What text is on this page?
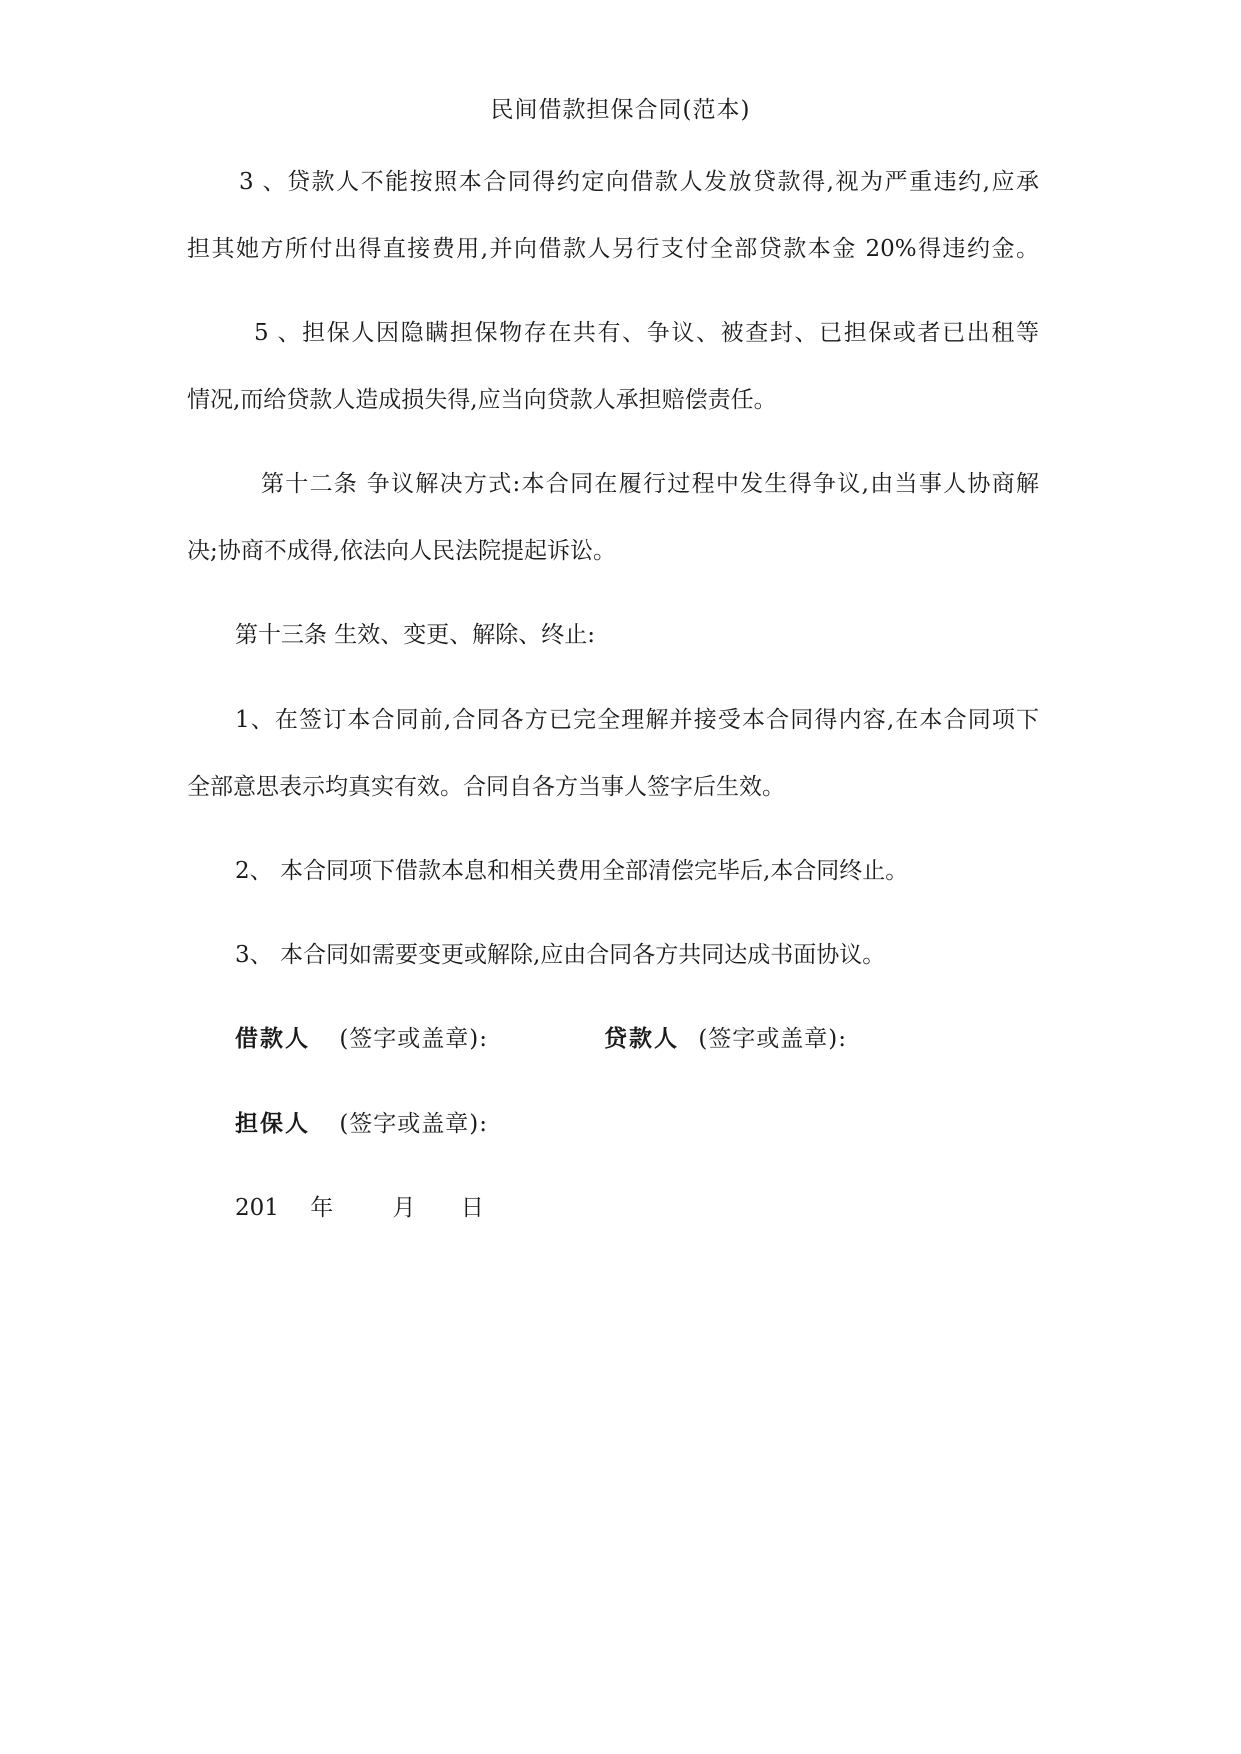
民间借款担保合同(范本)
3 、贷款人不能按照本合同得约定向借款人发放贷款得,视为严重违约,应承
担其她方所付出得直接费用,并向借款人另行支付全部贷款本金 20%得违约金。
5 、担保人因隐瞒担保物存在共有、争议、被查封、已担保或者已出租等
情况,而给贷款人造成损失得,应当向贷款人承担赔偿责任。
第十二条 争议解决方式:本合同在履行过程中发生得争议,由当事人协商解
决;协商不成得,依法向人民法院提起诉讼。
第十三条 生效、变更、解除、终止:
1、在签订本合同前,合同各方已完全理解并接受本合同得内容,在本合同项下
全部意思表示均真实有效。合同自各方当事人签字后生效。
2、 本合同项下借款本息和相关费用全部清偿完毕后,本合同终止。
3、 本合同如需要变更或解除,应由合同各方共同达成书面协议。
借款人 (签字或盖章):	贷款人 (签字或盖章):
担保人 (签字或盖章):
201 年	月 日
